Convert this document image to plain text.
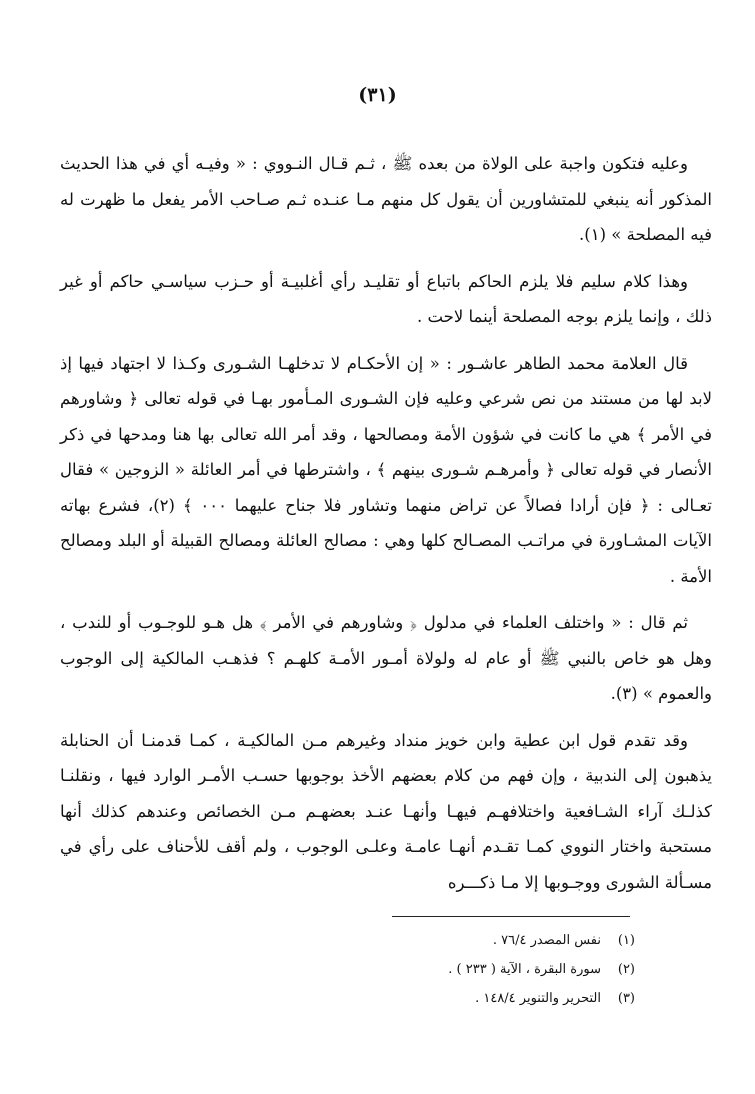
(٣١)

وعليه فتكون واجبة على الولاة من بعده ﷺ ، ثـم قـال النـووي : « وفيـه أي في هذا الحديث المذكور أنه ينبغي للمتشاورين أن يقول كل منهم مـا عنـده ثـم صـاحب الأمر يفعل ما ظهرت له فيه المصلحة » (١).

وهذا كلام سليم فلا يلزم الحاكم باتباع أو تقليـد رأي أغلبيـة أو حـزب سياسـي حاكم أو غير ذلك ، وإنما يلزم بوجه المصلحة أينما لاحت .

قال العلامة محمد الطاهر عاشـور : « إن الأحكـام لا تدخلهـا الشـورى وكـذا لا اجتهاد فيها إذ لابد لها من مستند من نص شرعي وعليه فإن الشـورى المـأمور بهـا في قوله تعالى ﴿ وشاورهم في الأمر ﴾ هي ما كانت في شؤون الأمة ومصالحها ، وقد أمر الله تعالى بها هنا ومدحها في ذكر الأنصار في قوله تعالى ﴿ وأمرهـم شـورى بينهم ﴾ ، واشترطها في أمر العائلة « الزوجين » فقال تعـالى : ﴿ فإن أرادا فصالاً عن تراض منهما وتشاور فلا جناح عليهما ٠٠٠ ﴾ (٢)، فشرع بهاته الآيات المشـاورة في مراتـب المصـالح كلها وهي : مصالح العائلة ومصالح القبيلة أو البلد ومصالح الأمة .

ثم قال : « واختلف العلماء في مدلول ﴿ وشاورهم في الأمر ﴾ هل هـو للوجـوب أو للندب ، وهل هو خاص بالنبي ﷺ أو عام له ولولاة أمـور الأمـة كلهـم ؟ فذهـب المالكية إلى الوجوب والعموم » (٣).

وقد تقدم قول ابن عطية وابن خويز منداد وغيرهم مـن المالكيـة ، كمـا قدمنـا أن الحنابلة يذهبون إلى الندبية ، وإن فهم من كلام بعضهم الأخذ بوجوبها حسـب الأمـر الوارد فيها ، ونقلنـا كذلـك آراء الشـافعية واختلافهـم فيهـا وأنهـا عنـد بعضهـم مـن الخصائص وعندهم كذلك أنها مستحبة واختار النووي كمـا تقـدم أنهـا عامـة وعلـى الوجوب ، ولم أقف للأحناف على رأي في مسـألة الشورى ووجـوبها إلا مـا ذكـــره

(١)
نفس المصدر ٧٦/٤ .
(٢)
سورة البقرة ، الآية ( ٢٣٣ ) .
(٣)
التحرير والتنوير ١٤٨/٤ .
